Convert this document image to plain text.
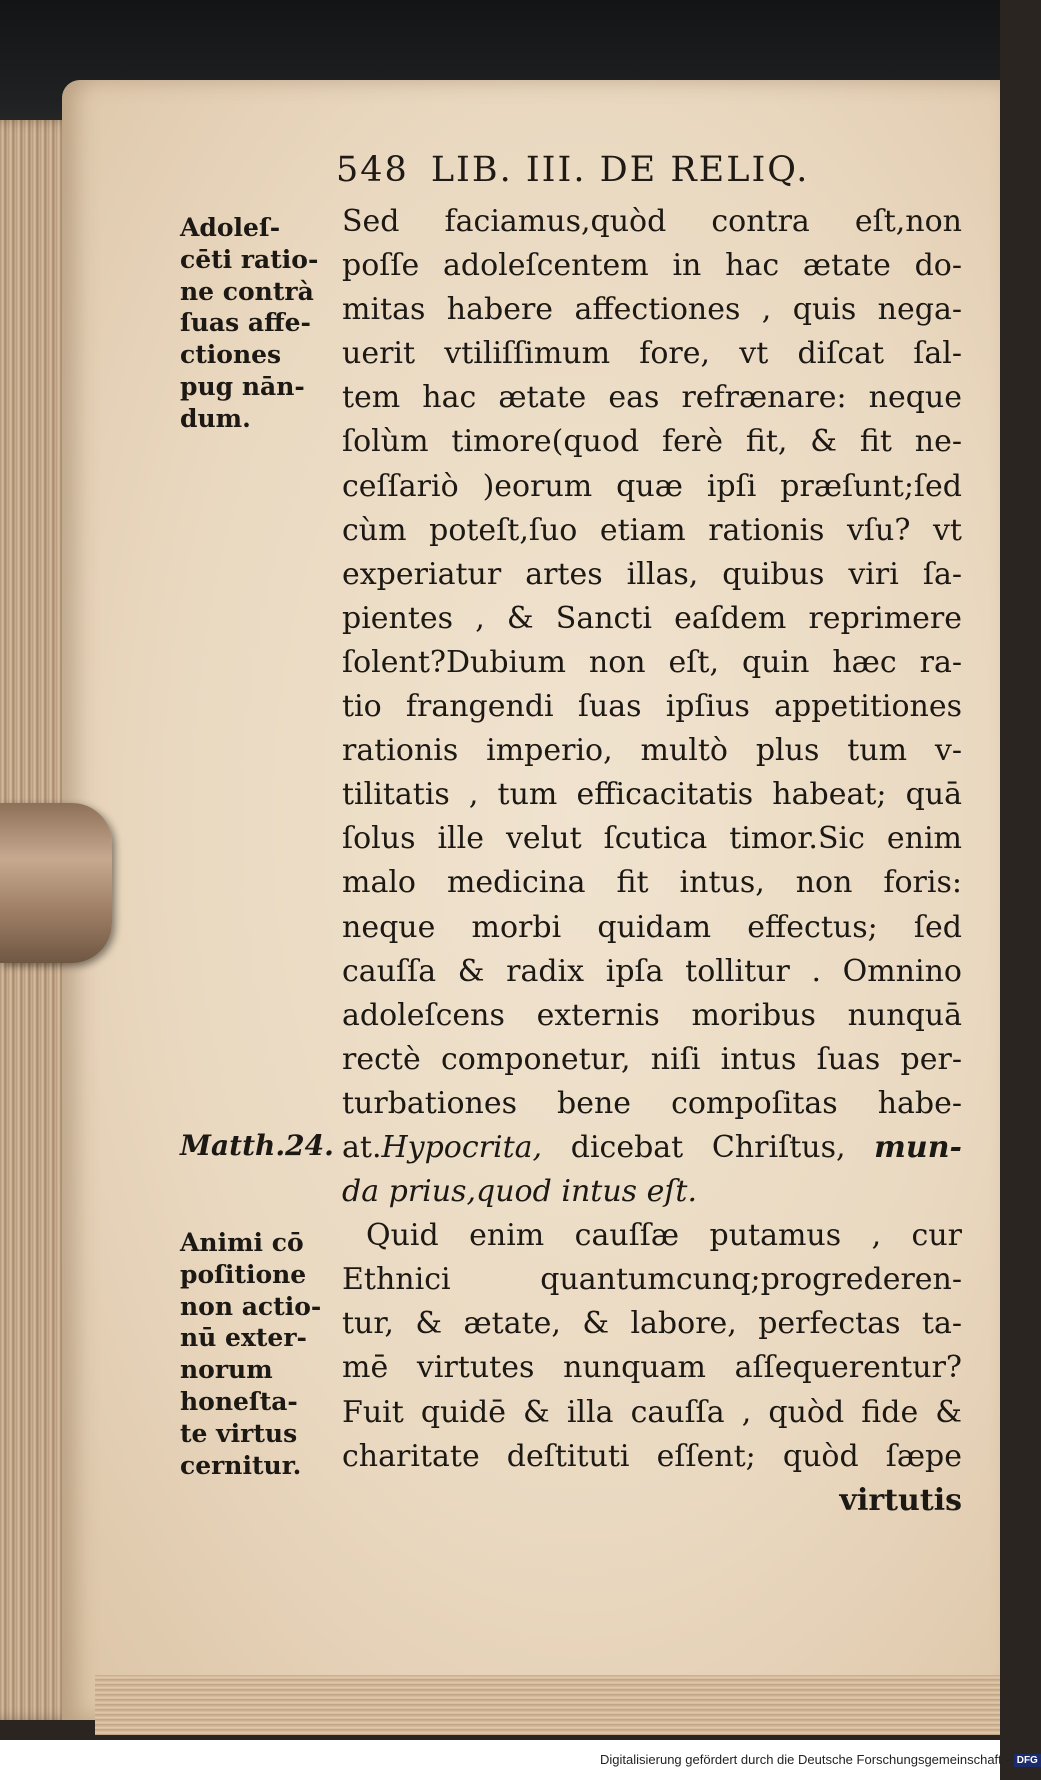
548 LIB. III. DE RELIQ.
Adoleſ-
cēti ratio-
ne contrà
ſuas affe-
ctiones
pug nān-
dum.
Matth.24.
Animi cō
poſitione
non actio-
nū exter-
norum
honeſta-
te virtus
cernitur.
Sed faciamus,quòd contra eſt,non
poſſe adoleſcentem in hac ætate do-
mitas habere affectiones , quis nega-
uerit vtiliſſimum fore, vt diſcat ſal-
tem hac ætate eas refrænare: neque
ſolùm timore(quod ferè fit, & fit ne-
ceſſariò )eorum quæ ipſi præſunt;ſed
cùm poteſt,ſuo etiam rationis vſu? vt
experiatur artes illas, quibus viri ſa-
pientes , & Sancti eaſdem reprimere
ſolent?Dubium non eſt, quin hæc ra-
tio frangendi ſuas ipſius appetitiones
rationis imperio, multò plus tum v-
tilitatis , tum efficacitatis habeat; quā
ſolus ille velut ſcutica timor.Sic enim
malo medicina fit intus, non foris:
neque morbi quidam effectus; ſed
cauſſa & radix ipſa tollitur . Omnino
adoleſcens externis moribus nunquā
rectè componetur, niſi intus ſuas per-
turbationes bene compoſitas habe-
at.Hypocrita, dicebat Chriſtus, mun-
da prius,quod intus eſt.
Quid enim cauſſæ putamus , cur
Ethnici quantumcunq;progrederen-
tur, & ætate, & labore, perfectas ta-
mē virtutes nunquam aſſequerentur?
Fuit quidē & illa cauſſa , quòd fide &
charitate deſtituti eſſent; quòd ſæpe
virtutis
Digitalisierung gefördert durch die Deutsche Forschungsgemeinschaft - DFG
